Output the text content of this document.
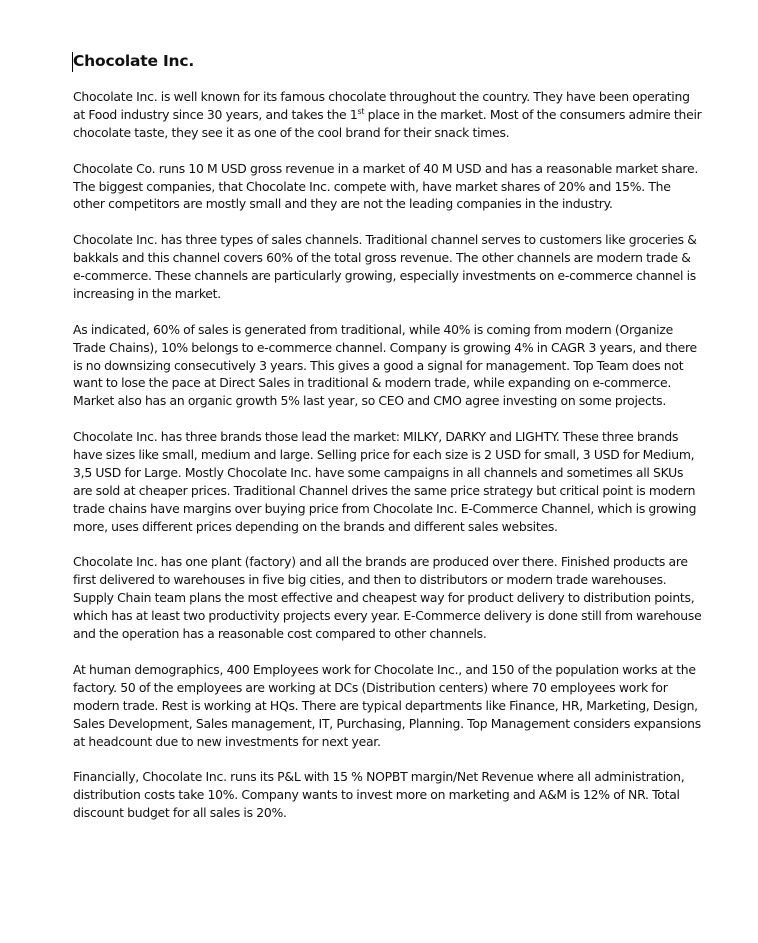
Chocolate Inc.

Chocolate Inc. is well known for its famous chocolate throughout the country. They have been operating at Food industry since 30 years, and takes the 1st place in the market. Most of the consumers admire their chocolate taste, they see it as one of the cool brand for their snack times.

Chocolate Co. runs 10 M USD gross revenue in a market of 40 M USD and has a reasonable market share. The biggest companies, that Chocolate Inc. compete with, have market shares of 20% and 15%. The other competitors are mostly small and they are not the leading companies in the industry.

Chocolate Inc. has three types of sales channels. Traditional channel serves to customers like groceries & bakkals and this channel covers 60% of the total gross revenue. The other channels are modern trade & e-commerce. These channels are particularly growing, especially investments on e-commerce channel is increasing in the market.

As indicated, 60% of sales is generated from traditional, while 40% is coming from modern (Organize Trade Chains), 10% belongs to e-commerce channel. Company is growing 4% in CAGR 3 years, and there is no downsizing consecutively 3 years. This gives a good a signal for management. Top Team does not want to lose the pace at Direct Sales in traditional & modern trade, while expanding on e-commerce. Market also has an organic growth 5% last year, so CEO and CMO agree investing on some projects.

Chocolate Inc. has three brands those lead the market: MILKY, DARKY and LIGHTY. These three brands have sizes like small, medium and large. Selling price for each size is 2 USD for small, 3 USD for Medium, 3,5 USD for Large. Mostly Chocolate Inc. have some campaigns in all channels and sometimes all SKUs are sold at cheaper prices. Traditional Channel drives the same price strategy but critical point is modern trade chains have margins over buying price from Chocolate Inc. E-Commerce Channel, which is growing more, uses different prices depending on the brands and different sales websites.

Chocolate Inc. has one plant (factory) and all the brands are produced over there. Finished products are first delivered to warehouses in five big cities, and then to distributors or modern trade warehouses. Supply Chain team plans the most effective and cheapest way for product delivery to distribution points, which has at least two productivity projects every year. E-Commerce delivery is done still from warehouse and the operation has a reasonable cost compared to other channels.

At human demographics, 400 Employees work for Chocolate Inc., and 150 of the population works at the factory. 50 of the employees are working at DCs (Distribution centers) where 70 employees work for modern trade. Rest is working at HQs. There are typical departments like Finance, HR, Marketing, Design, Sales Development, Sales management, IT, Purchasing, Planning. Top Management considers expansions at headcount due to new investments for next year.

Financially, Chocolate Inc. runs its P&L with 15 % NOPBT margin/Net Revenue where all administration, distribution costs take 10%. Company wants to invest more on marketing and A&M is 12% of NR. Total discount budget for all sales is 20%.
